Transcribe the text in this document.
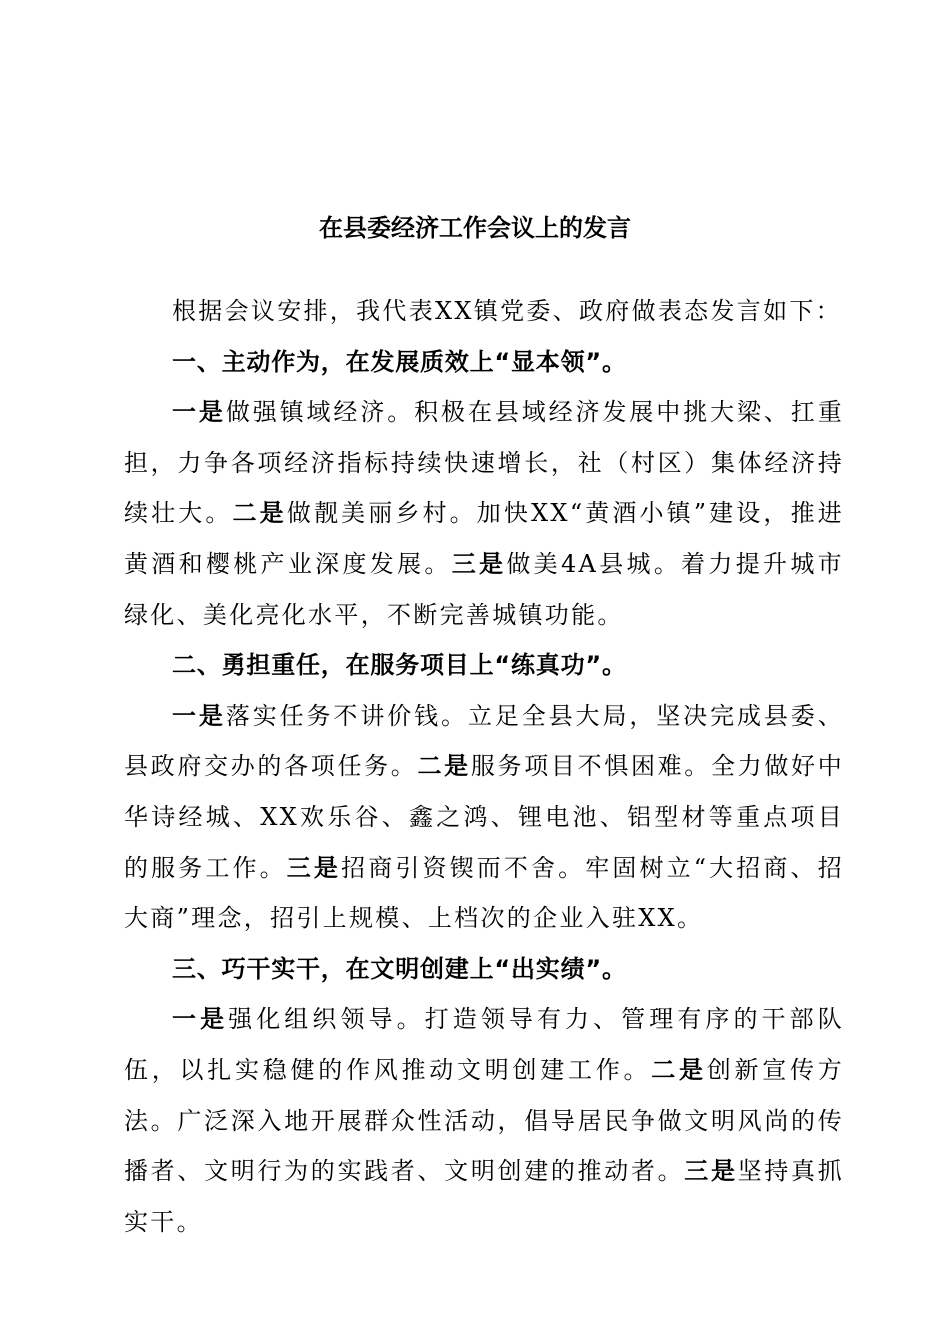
在县委经济工作会议上的发言

根据会议安排，我代表XX镇党委、政府做表态发言如下：

一、主动作为，在发展质效上“显本领”。

一是做强镇域经济。积极在县域经济发展中挑大梁、扛重担，力争各项经济指标持续快速增长，社（村区）集体经济持续壮大。二是做靓美丽乡村。加快XX“黄酒小镇”建设，推进黄酒和樱桃产业深度发展。三是做美4A县城。着力提升城市绿化、美化亮化水平，不断完善城镇功能。

二、勇担重任，在服务项目上“练真功”。

一是落实任务不讲价钱。立足全县大局，坚决完成县委、县政府交办的各项任务。二是服务项目不惧困难。全力做好中华诗经城、XX欢乐谷、鑫之鸿、锂电池、铝型材等重点项目的服务工作。三是招商引资锲而不舍。牢固树立“大招商、招大商”理念，招引上规模、上档次的企业入驻XX。

三、巧干实干，在文明创建上“出实绩”。

一是强化组织领导。打造领导有力、管理有序的干部队伍，以扎实稳健的作风推动文明创建工作。二是创新宣传方法。广泛深入地开展群众性活动，倡导居民争做文明风尚的传播者、文明行为的实践者、文明创建的推动者。三是坚持真抓实干。
